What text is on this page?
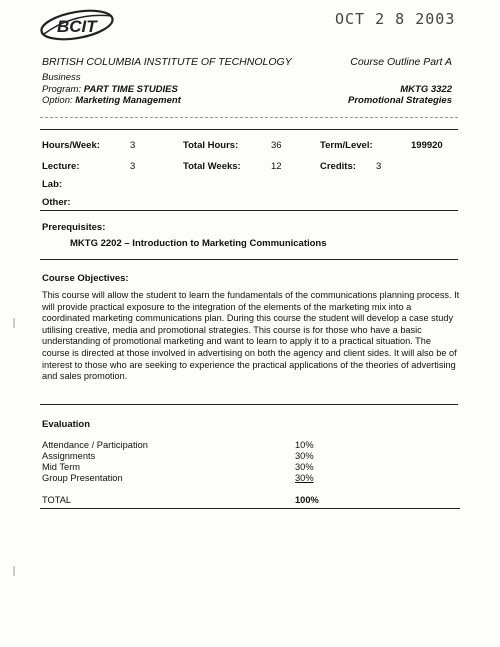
BCIT	OCT 2 8 2003
BRITISH COLUMBIA INSTITUTE OF TECHNOLOGY	Course Outline Part A
Business
Program: PART TIME STUDIES
Option: Marketing Management
MKTG 3322
Promotional Strategies
Hours/Week:	3	Total Hours:	36	Term/Level:	199920
Lecture:	3	Total Weeks:	12	Credits: 3
Lab:
Other:
Prerequisites:
MKTG 2202 – Introduction to Marketing Communications
Course Objectives:
This course will allow the student to learn the fundamentals of the communications planning process. It will provide practical exposure to the integration of the elements of the marketing mix into a coordinated marketing communications plan. During this course the student will develop a case study utilising creative, media and promotional strategies. This course is for those who have a basic understanding of promotional marketing and want to learn to apply it to a practical situation. The course is directed at those involved in advertising on both the agency and client sides. It will also be of interest to those who are seeking to experience the practical applications of the theories of advertising and sales promotion.
Evaluation
Attendance / Participation	10%
Assignments	30%
Mid Term	30%
Group Presentation	30%
TOTAL	100%
